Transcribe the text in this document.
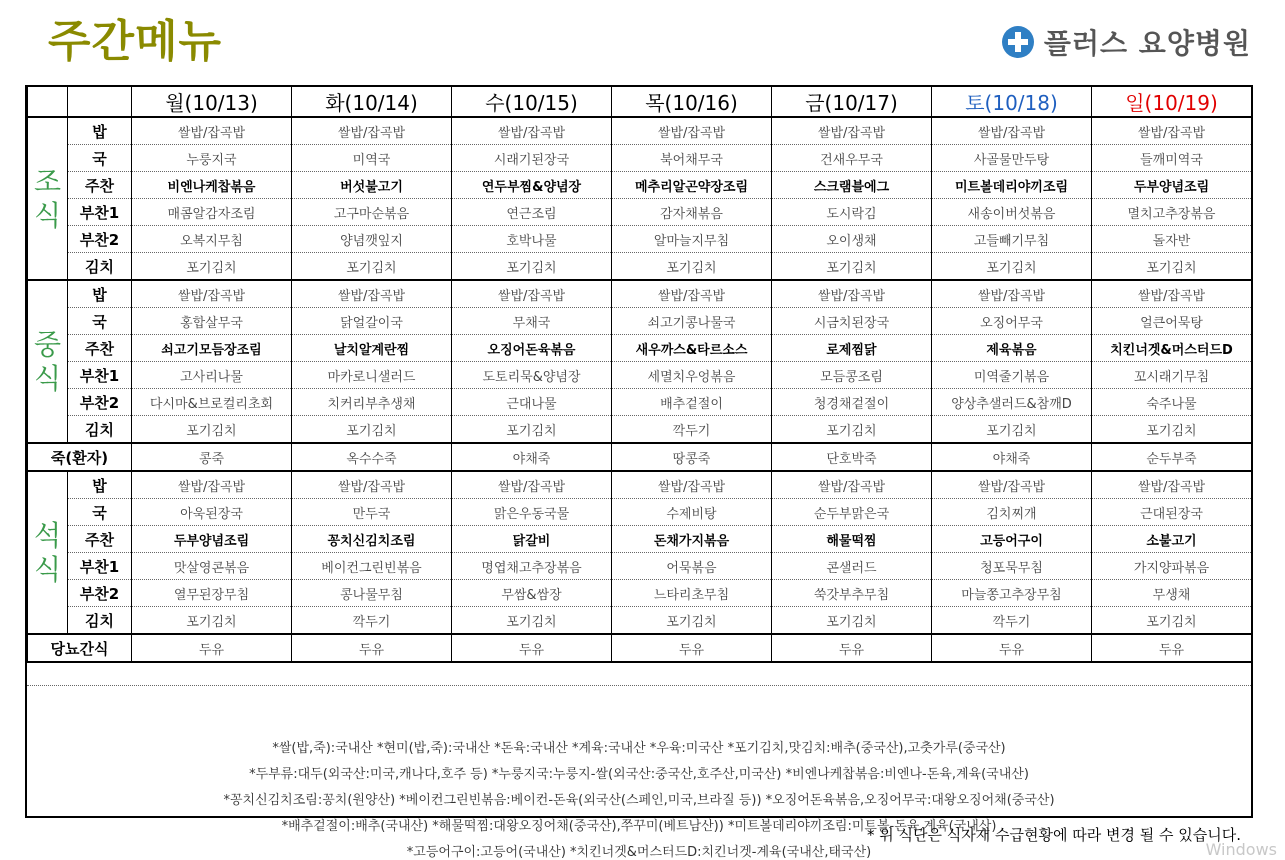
주간메뉴	플러스 요양병원
		월(10/13)	화(10/14)	수(10/15)	목(10/16)	금(10/17)	토(10/18)	일(10/19)

조
식	밥	쌀밥/잡곡밥	쌀밥/잡곡밥	쌀밥/잡곡밥	쌀밥/잡곡밥	쌀밥/잡곡밥	쌀밥/잡곡밥	쌀밥/잡곡밥
	국	누룽지국	미역국	시래기된장국	북어채무국	건새우무국	사골물만두탕	들깨미역국
	주찬	비엔나케찹볶음	버섯불고기	연두부찜&양념장	메추리알곤약장조림	스크램블에그	미트볼데리야끼조림	두부양념조림
	부찬1	매콤알감자조림	고구마순볶음	연근조림	감자채볶음	도시락김	새송이버섯볶음	멸치고추장볶음
	부찬2	오복지무침	양념깻잎지	호박나물	알마늘지무침	오이생채	고들빼기무침	돌자반
	김치	포기김치	포기김치	포기김치	포기김치	포기김치	포기김치	포기김치

중
식	밥	쌀밥/잡곡밥	쌀밥/잡곡밥	쌀밥/잡곡밥	쌀밥/잡곡밥	쌀밥/잡곡밥	쌀밥/잡곡밥	쌀밥/잡곡밥
	국	홍합살무국	닭얼갈이국	무채국	쇠고기콩나물국	시금치된장국	오징어무국	얼큰어묵탕
	주찬	쇠고기모듬장조림	날치알계란찜	오징어돈육볶음	새우까스&타르소스	로제찜닭	제육볶음	치킨너겟&머스터드D
	부찬1	고사리나물	마카로니샐러드	도토리묵&양념장	세멸치우엉볶음	모듬콩조림	미역줄기볶음	꼬시래기무침
	부찬2	다시마&브로컬리초회	치커리부추생채	근대나물	배추겉절이	청경채겉절이	양상추샐러드&참깨D	숙주나물
	김치	포기김치	포기김치	포기김치	깍두기	포기김치	포기김치	포기김치
죽(환자)		콩죽	옥수수죽	야채죽	땅콩죽	단호박죽	야채죽	순두부죽

석
식	밥	쌀밥/잡곡밥	쌀밥/잡곡밥	쌀밥/잡곡밥	쌀밥/잡곡밥	쌀밥/잡곡밥	쌀밥/잡곡밥	쌀밥/잡곡밥
	국	아욱된장국	만두국	맑은우동국물	수제비탕	순두부맑은국	김치찌개	근대된장국
	주찬	두부양념조림	꽁치신김치조림	닭갈비	돈채가지볶음	해물떡찜	고등어구이	소불고기
	부찬1	맛살영콘볶음	베이컨그린빈볶음	명엽채고추장볶음	어묵볶음	콘샐러드	청포묵무침	가지양파볶음
	부찬2	열무된장무침	콩나물무침	무쌈&쌈장	느타리초무침	쑥갓부추무침	마늘쫑고추장무침	무생채
	김치	포기김치	깍두기	포기김치	포기김치	포기김치	깍두기	포기김치
당뇨간식		두유	두유	두유	두유	두유	두유	두유
*쌀(밥,죽):국내산 *현미(밥,죽):국내산 *돈육:국내산 *계육:국내산 *우육:미국산 *포기김치,맛김치:배추(중국산),고춧가루(중국산)
*두부류:대두(외국산:미국,캐나다,호주 등) *누룽지국:누룽지-쌀(외국산:중국산,호주산,미국산) *비엔나케찹볶음:비엔나-돈육,계육(국내산)
*꽁치신김치조림:꽁치(원양산) *베이컨그린빈볶음:베이컨-돈육(외국산(스페인,미국,브라질 등)) *오징어돈육볶음,오징어무국:대왕오징어채(중국산)
*배추겉절이:배추(국내산) *해물떡찜:대왕오징어채(중국산),쭈꾸미(베트남산)) *미트볼데리야끼조림:미트볼-돈육,계육(국내산)
*고등어구이:고등어(국내산) *치킨너겟&머스터드D:치킨너겟-계육(국내산,태국산)
* 위 식단은 식자재 수급현황에 따라 변경 될 수 있습니다.
Windows
